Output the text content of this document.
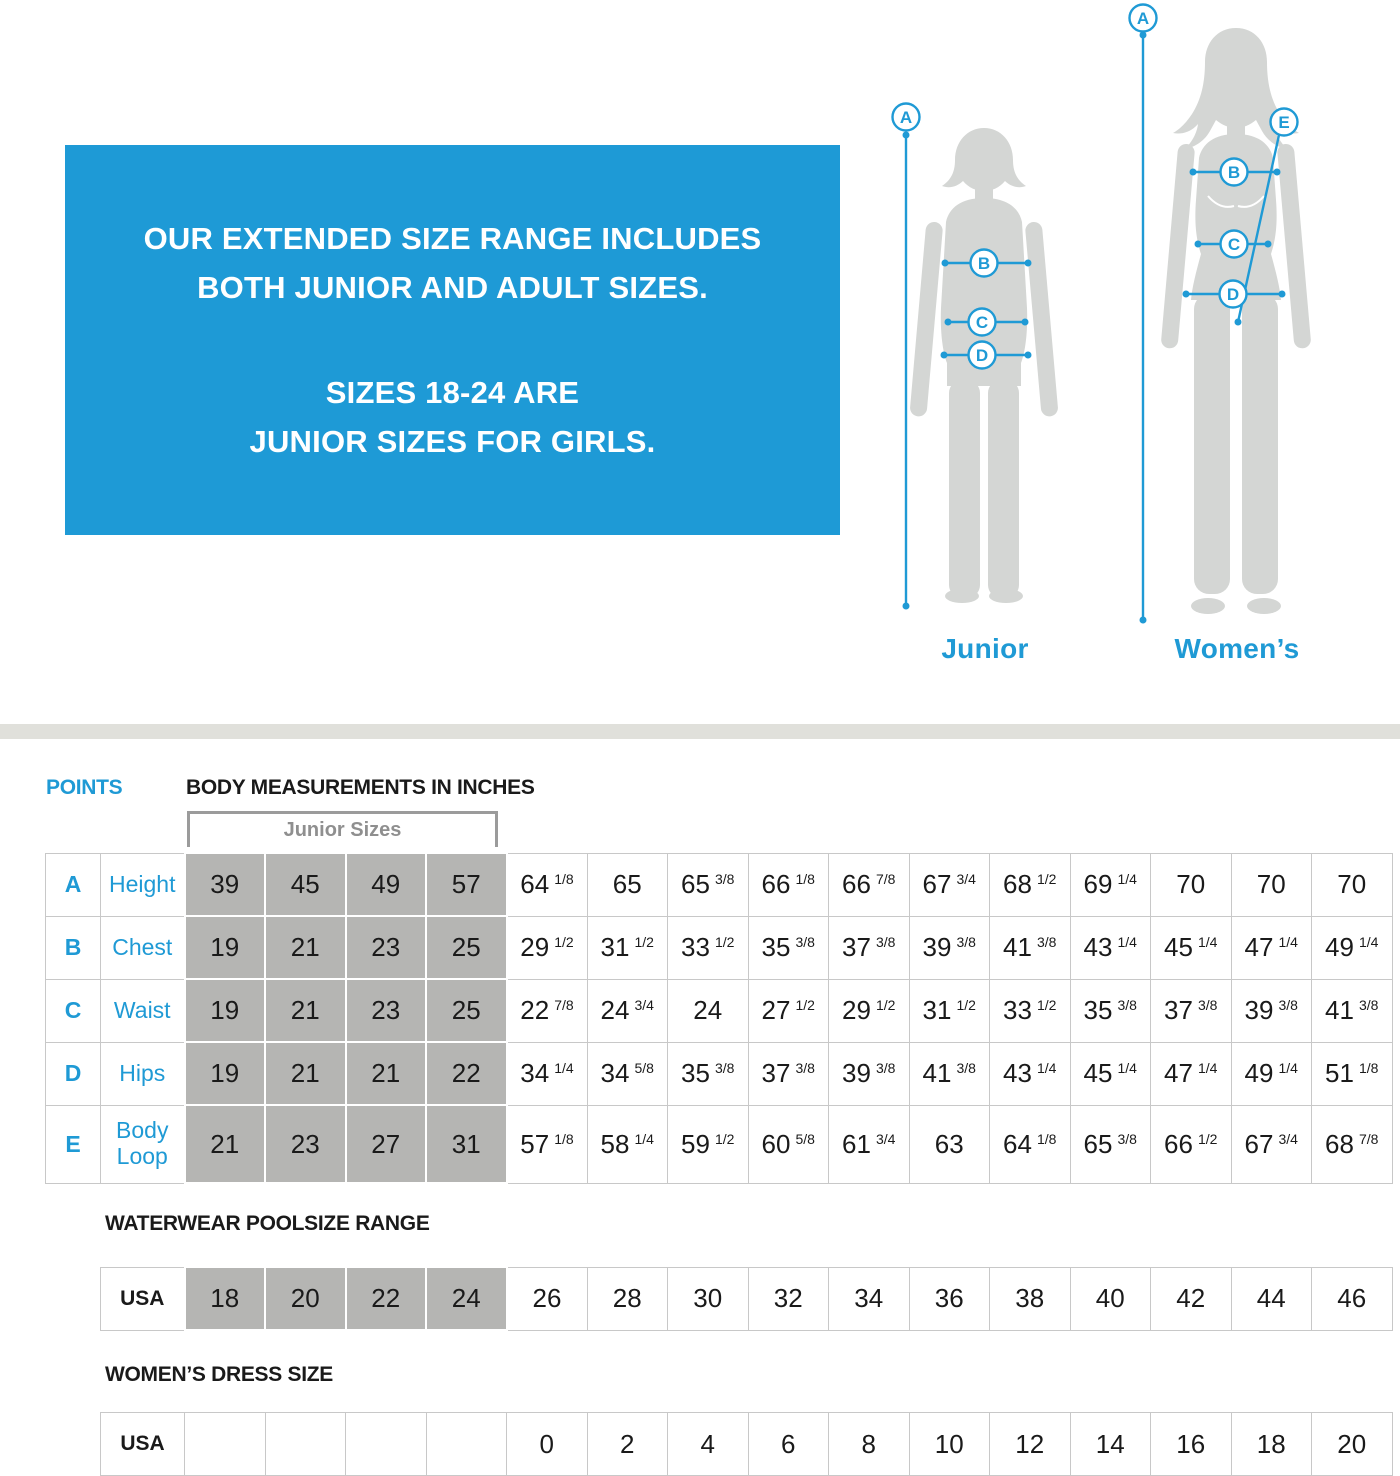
OUR EXTENDED SIZE RANGE INCLUDES
BOTH JUNIOR AND ADULT SIZES.
SIZES 18-24 ARE
JUNIOR SIZES FOR GIRLS.
A
B
C
D
Junior
A
B
C
D
E
Women’s
POINTS	BODY MEASUREMENTS IN INCHES
Junior Sizes
A	Height	39	45	49	57	64 $^{1/8}$	65	65 $^{3/8}$	66 $^{1/8}$	66 $^{7/8}$	67 $^{3/4}$	68 $^{1/2}$	69 $^{1/4}$	70	70	70
B	Chest	19	21	23	25	29 $^{1/2}$	31 $^{1/2}$	33 $^{1/2}$	35 $^{3/8}$	37 $^{3/8}$	39 $^{3/8}$	41 $^{3/8}$	43 $^{1/4}$	45 $^{1/4}$	47 $^{1/4}$	49 $^{1/4}$
C	Waist	19	21	23	25	22 $^{7/8}$	24 $^{3/4}$	24	27 $^{1/2}$	29 $^{1/2}$	31 $^{1/2}$	33 $^{1/2}$	35 $^{3/8}$	37 $^{3/8}$	39 $^{3/8}$	41 $^{3/8}$
D	Hips	19	21	21	22	34 $^{1/4}$	34 $^{5/8}$	35 $^{3/8}$	37 $^{3/8}$	39 $^{3/8}$	41 $^{3/8}$	43 $^{1/4}$	45 $^{1/4}$	47 $^{1/4}$	49 $^{1/4}$	51 $^{1/8}$
E	Body Loop	21	23	27	31	57 $^{1/8}$	58 $^{1/4}$	59 $^{1/2}$	60 $^{5/8}$	61 $^{3/4}$	63	64 $^{1/8}$	65 $^{3/8}$	66 $^{1/2}$	67 $^{3/4}$	68 $^{7/8}$
WATERWEAR POOLSIZE RANGE
USA	18	20	22	24	26	28	30	32	34	36	38	40	42	44	46
WOMEN’S DRESS SIZE
USA					0	2	4	6	8	10	12	14	16	18	20
